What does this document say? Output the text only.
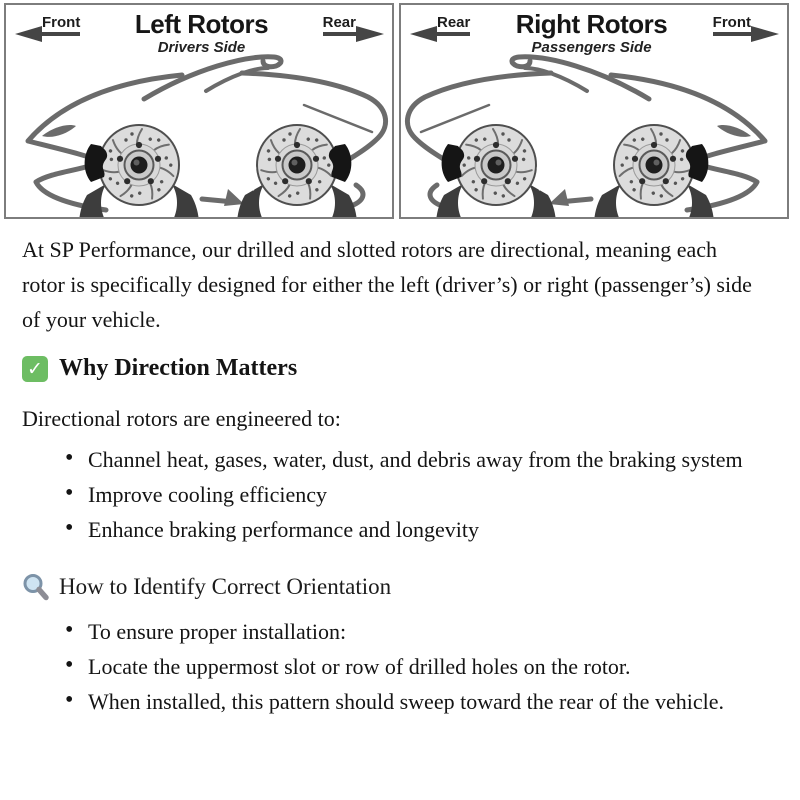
Rotation	Rotation
Front Left Rotors
Drivers Side
Rear
Rotation
Rotation
Rear Right Rotors
Passengers Side
Front

At SP Performance, our drilled and slotted rotors are directional, meaning each rotor is specifically designed for either the left (driver’s) or right (passenger’s) side of your vehicle.

✓ Why Direction Matters

Directional rotors are engineered to:

• Channel heat, gases, water, dust, and debris away from the braking system
• Improve cooling efficiency
• Enhance braking performance and longevity
How to Identify Correct Orientation
• To ensure proper installation:
• Locate the uppermost slot or row of drilled holes on the rotor.
• When installed, this pattern should sweep toward the rear of the vehicle.
